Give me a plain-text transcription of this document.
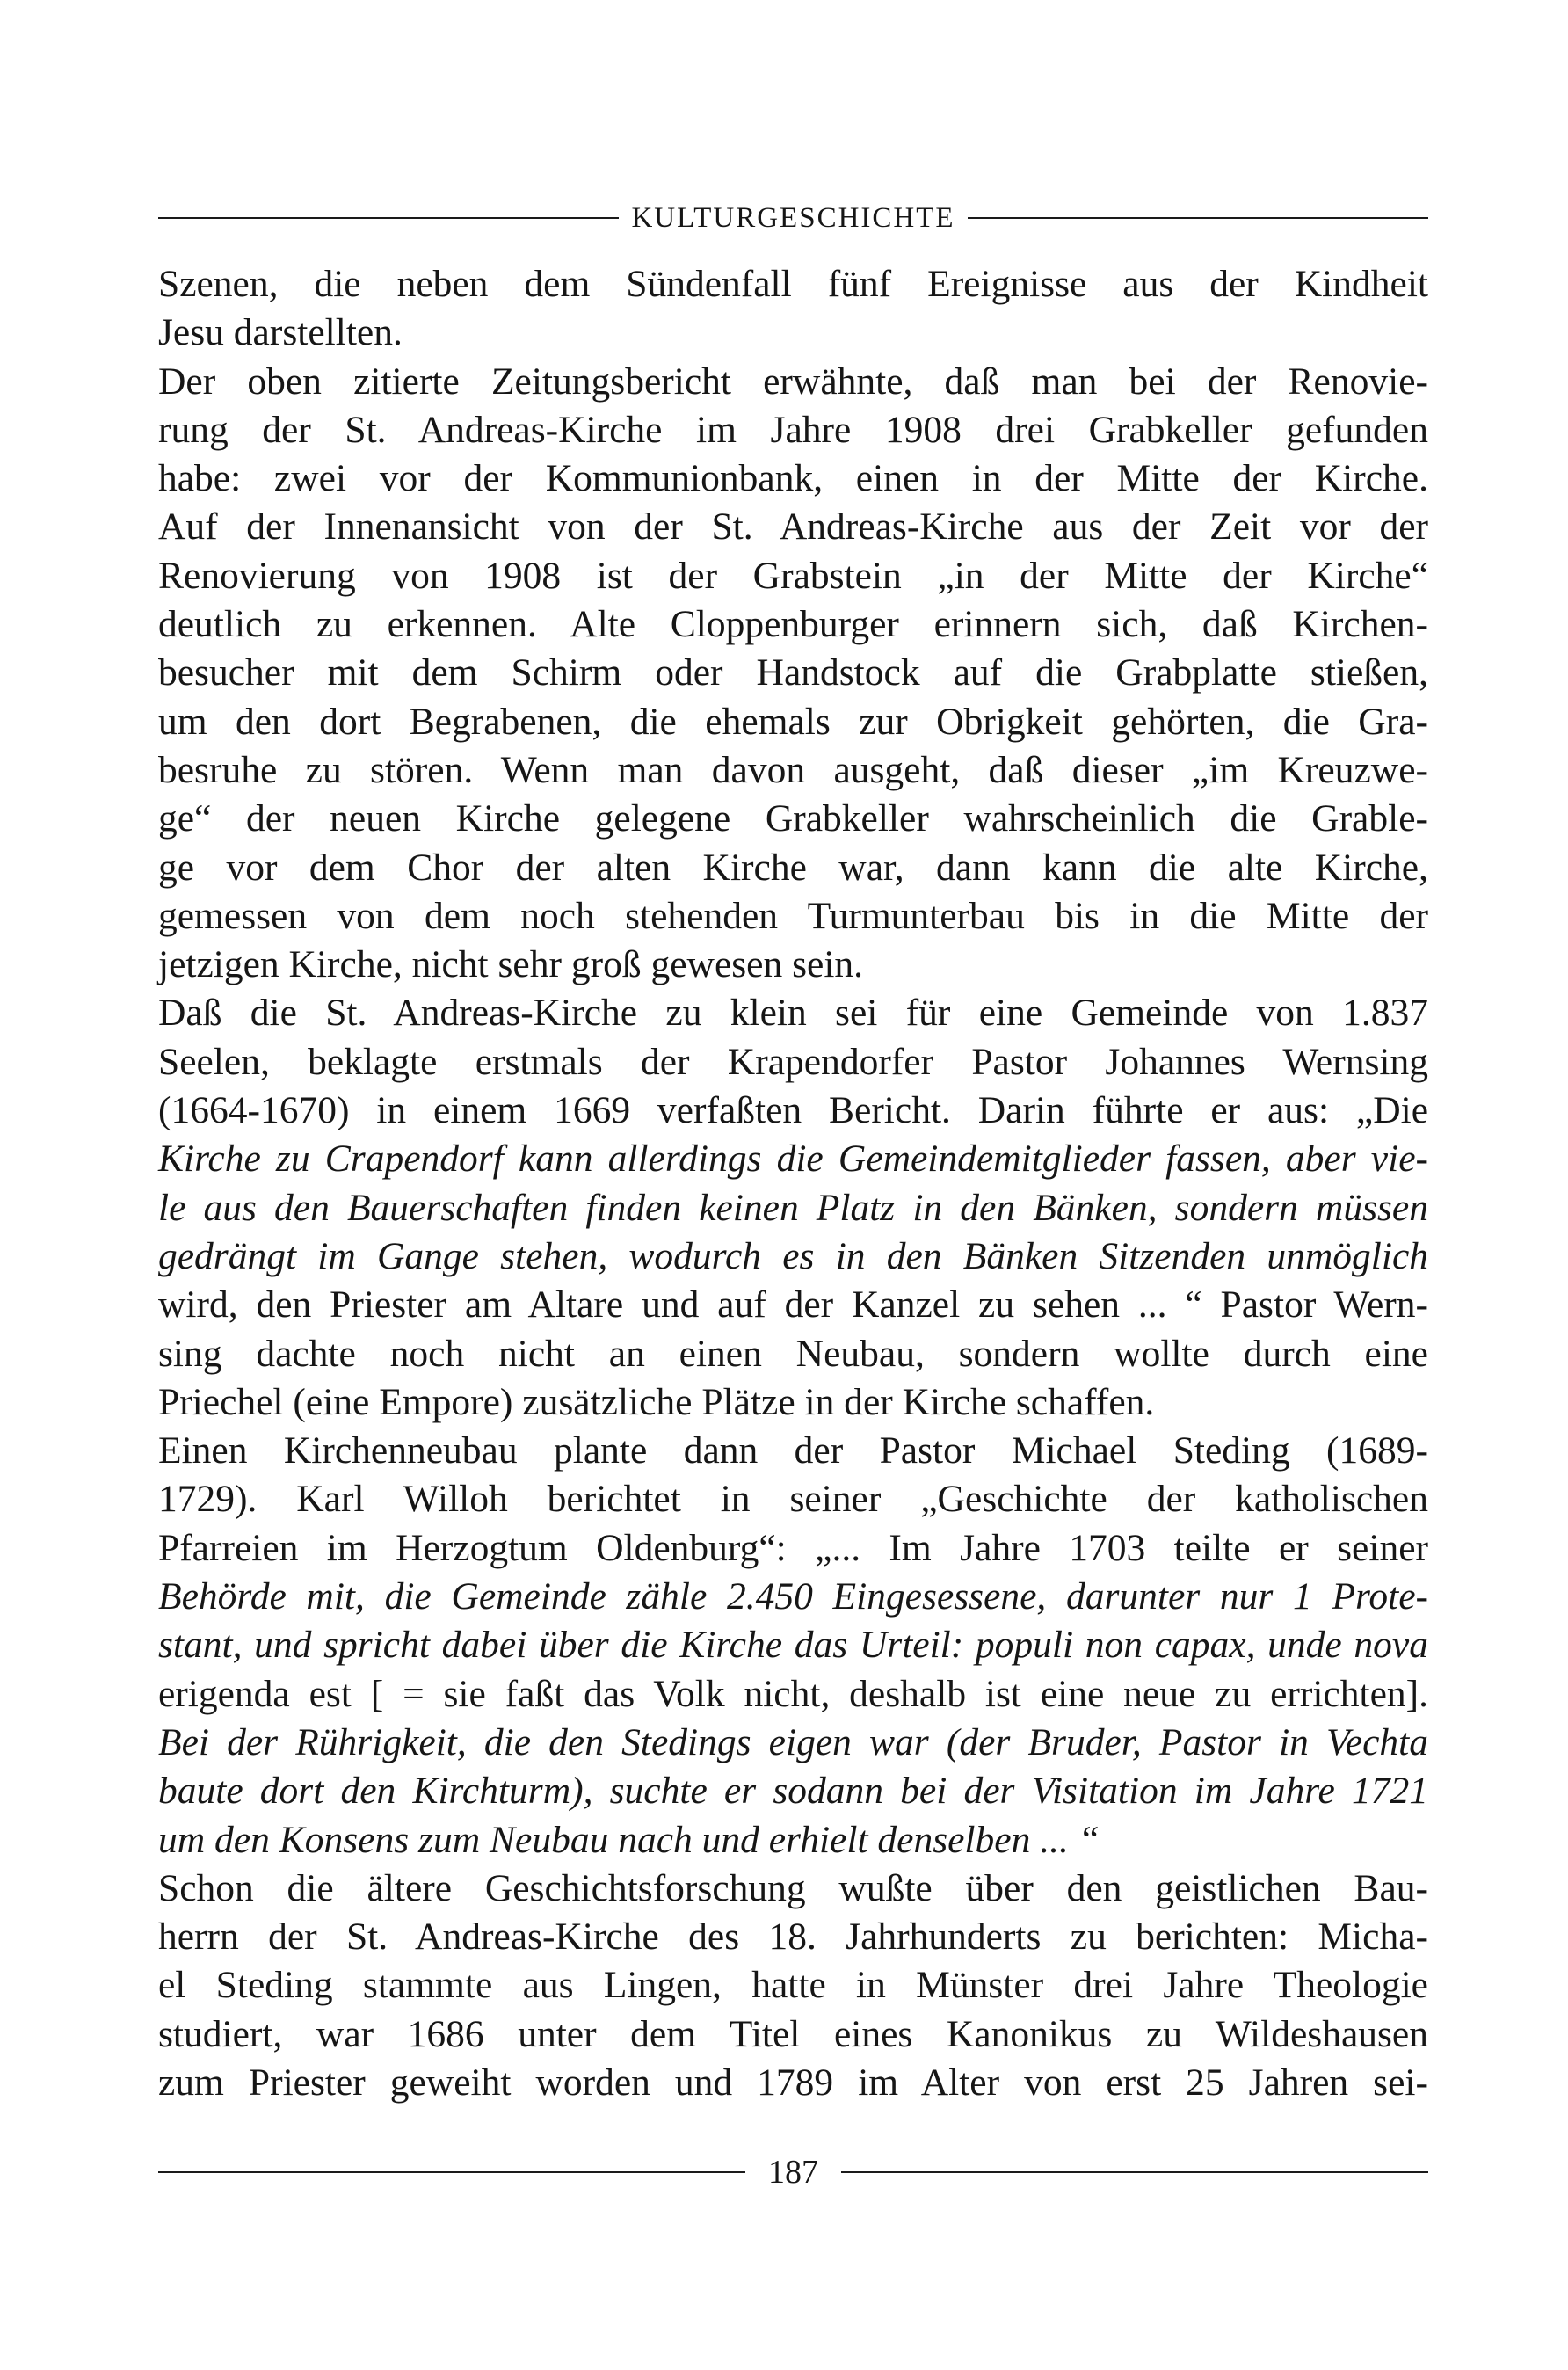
KULTURGESCHICHTE
Szenen, die neben dem Sündenfall fünf Ereignisse aus der Kindheit
Jesu darstellten.
Der oben zitierte Zeitungsbericht erwähnte, daß man bei der Renovie-
rung der St. Andreas-Kirche im Jahre 1908 drei Grabkeller gefunden
habe: zwei vor der Kommunionbank, einen in der Mitte der Kirche.
Auf der Innenansicht von der St. Andreas-Kirche aus der Zeit vor der
Renovierung von 1908 ist der Grabstein „in der Mitte der Kirche“
deutlich zu erkennen. Alte Cloppenburger erinnern sich, daß Kirchen-
besucher mit dem Schirm oder Handstock auf die Grabplatte stießen,
um den dort Begrabenen, die ehemals zur Obrigkeit gehörten, die Gra-
besruhe zu stören. Wenn man davon ausgeht, daß dieser „im Kreuzwe-
ge“ der neuen Kirche gelegene Grabkeller wahrscheinlich die Grable-
ge vor dem Chor der alten Kirche war, dann kann die alte Kirche,
gemessen von dem noch stehenden Turmunterbau bis in die Mitte der
jetzigen Kirche, nicht sehr groß gewesen sein.
Daß die St. Andreas-Kirche zu klein sei für eine Gemeinde von 1.837
Seelen, beklagte erstmals der Krapendorfer Pastor Johannes Wernsing
(1664-1670) in einem 1669 verfaßten Bericht. Darin führte er aus: „Die
Kirche zu Crapendorf kann allerdings die Gemeindemitglieder fassen, aber vie-
le aus den Bauerschaften finden keinen Platz in den Bänken, sondern müssen
gedrängt im Gange stehen, wodurch es in den Bänken Sitzenden unmöglich
wird, den Priester am Altare und auf der Kanzel zu sehen ... “ Pastor Wern-
sing dachte noch nicht an einen Neubau, sondern wollte durch eine
Priechel (eine Empore) zusätzliche Plätze in der Kirche schaffen.
Einen Kirchenneubau plante dann der Pastor Michael Steding (1689-
1729). Karl Willoh berichtet in seiner „Geschichte der katholischen
Pfarreien im Herzogtum Oldenburg“: „... Im Jahre 1703 teilte er seiner
Behörde mit, die Gemeinde zähle 2.450 Eingesessene, darunter nur 1 Prote-
stant, und spricht dabei über die Kirche das Urteil: populi non capax, unde nova
erigenda est [ = sie faßt das Volk nicht, deshalb ist eine neue zu errichten].
Bei der Rührigkeit, die den Stedings eigen war (der Bruder, Pastor in Vechta
baute dort den Kirchturm), suchte er sodann bei der Visitation im Jahre 1721
um den Konsens zum Neubau nach und erhielt denselben ... “
Schon die ältere Geschichtsforschung wußte über den geistlichen Bau-
herrn der St. Andreas-Kirche des 18. Jahrhunderts zu berichten: Micha-
el Steding stammte aus Lingen, hatte in Münster drei Jahre Theologie
studiert, war 1686 unter dem Titel eines Kanonikus zu Wildeshausen
zum Priester geweiht worden und 1789 im Alter von erst 25 Jahren sei-
187
